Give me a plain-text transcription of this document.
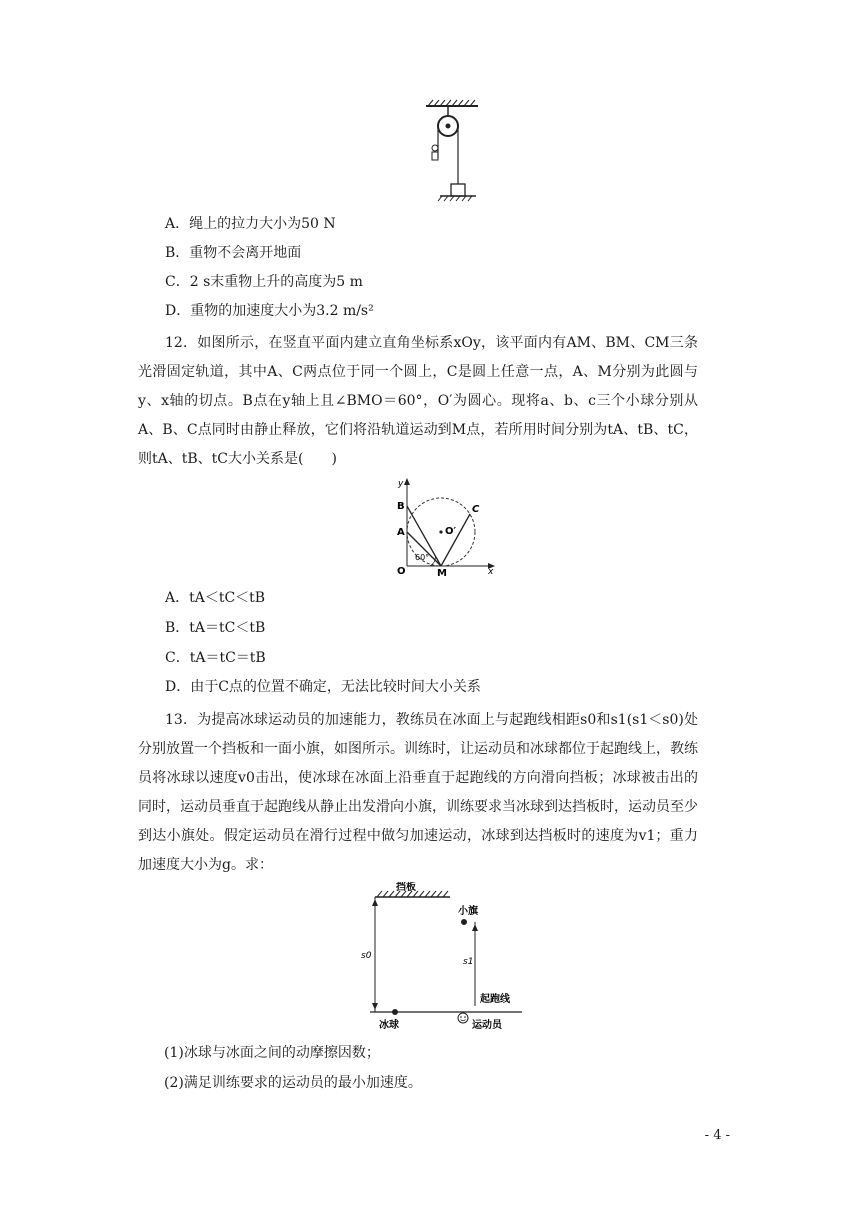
A．绳上的拉力大小为50 N
B．重物不会离开地面
C．2 s末重物上升的高度为5 m
D．重物的加速度大小为3.2 m/s²
12．如图所示，在竖直平面内建立直角坐标系xOy，该平面内有AM、BM、CM三条光滑固定轨道，其中A、C两点位于同一个圆上，C是圆上任意一点，A、M分别为此圆与y、x轴的切点。B点在y轴上且∠BMO＝60°，O′为圆心。现将a、b、c三个小球分别从A、B、C点同时由静止释放，它们将沿轨道运动到M点，若所用时间分别为tA、tB、tC，则tA、tB、tC大小关系是(　　)
y
B
A
C
O′
60°
O	M	x
A．tA＜tC＜tB
B．tA＝tC＜tB
C．tA＝tC＝tB
D．由于C点的位置不确定，无法比较时间大小关系
13．为提高冰球运动员的加速能力，教练员在冰面上与起跑线相距s0和s1(s1＜s0)处分别放置一个挡板和一面小旗，如图所示。训练时，让运动员和冰球都位于起跑线上，教练员将冰球以速度v0击出，使冰球在冰面上沿垂直于起跑线的方向滑向挡板；冰球被击出的同时，运动员垂直于起跑线从静止出发滑向小旗，训练要求当冰球到达挡板时，运动员至少到达小旗处。假定运动员在滑行过程中做匀加速运动，冰球到达挡板时的速度为v1；重力加速度大小为g。求：
挡板
s0
小旗
s1
起跑线
冰球	运动员
(1)冰球与冰面之间的动摩擦因数；
(2)满足训练要求的运动员的最小加速度。
- 4 -
